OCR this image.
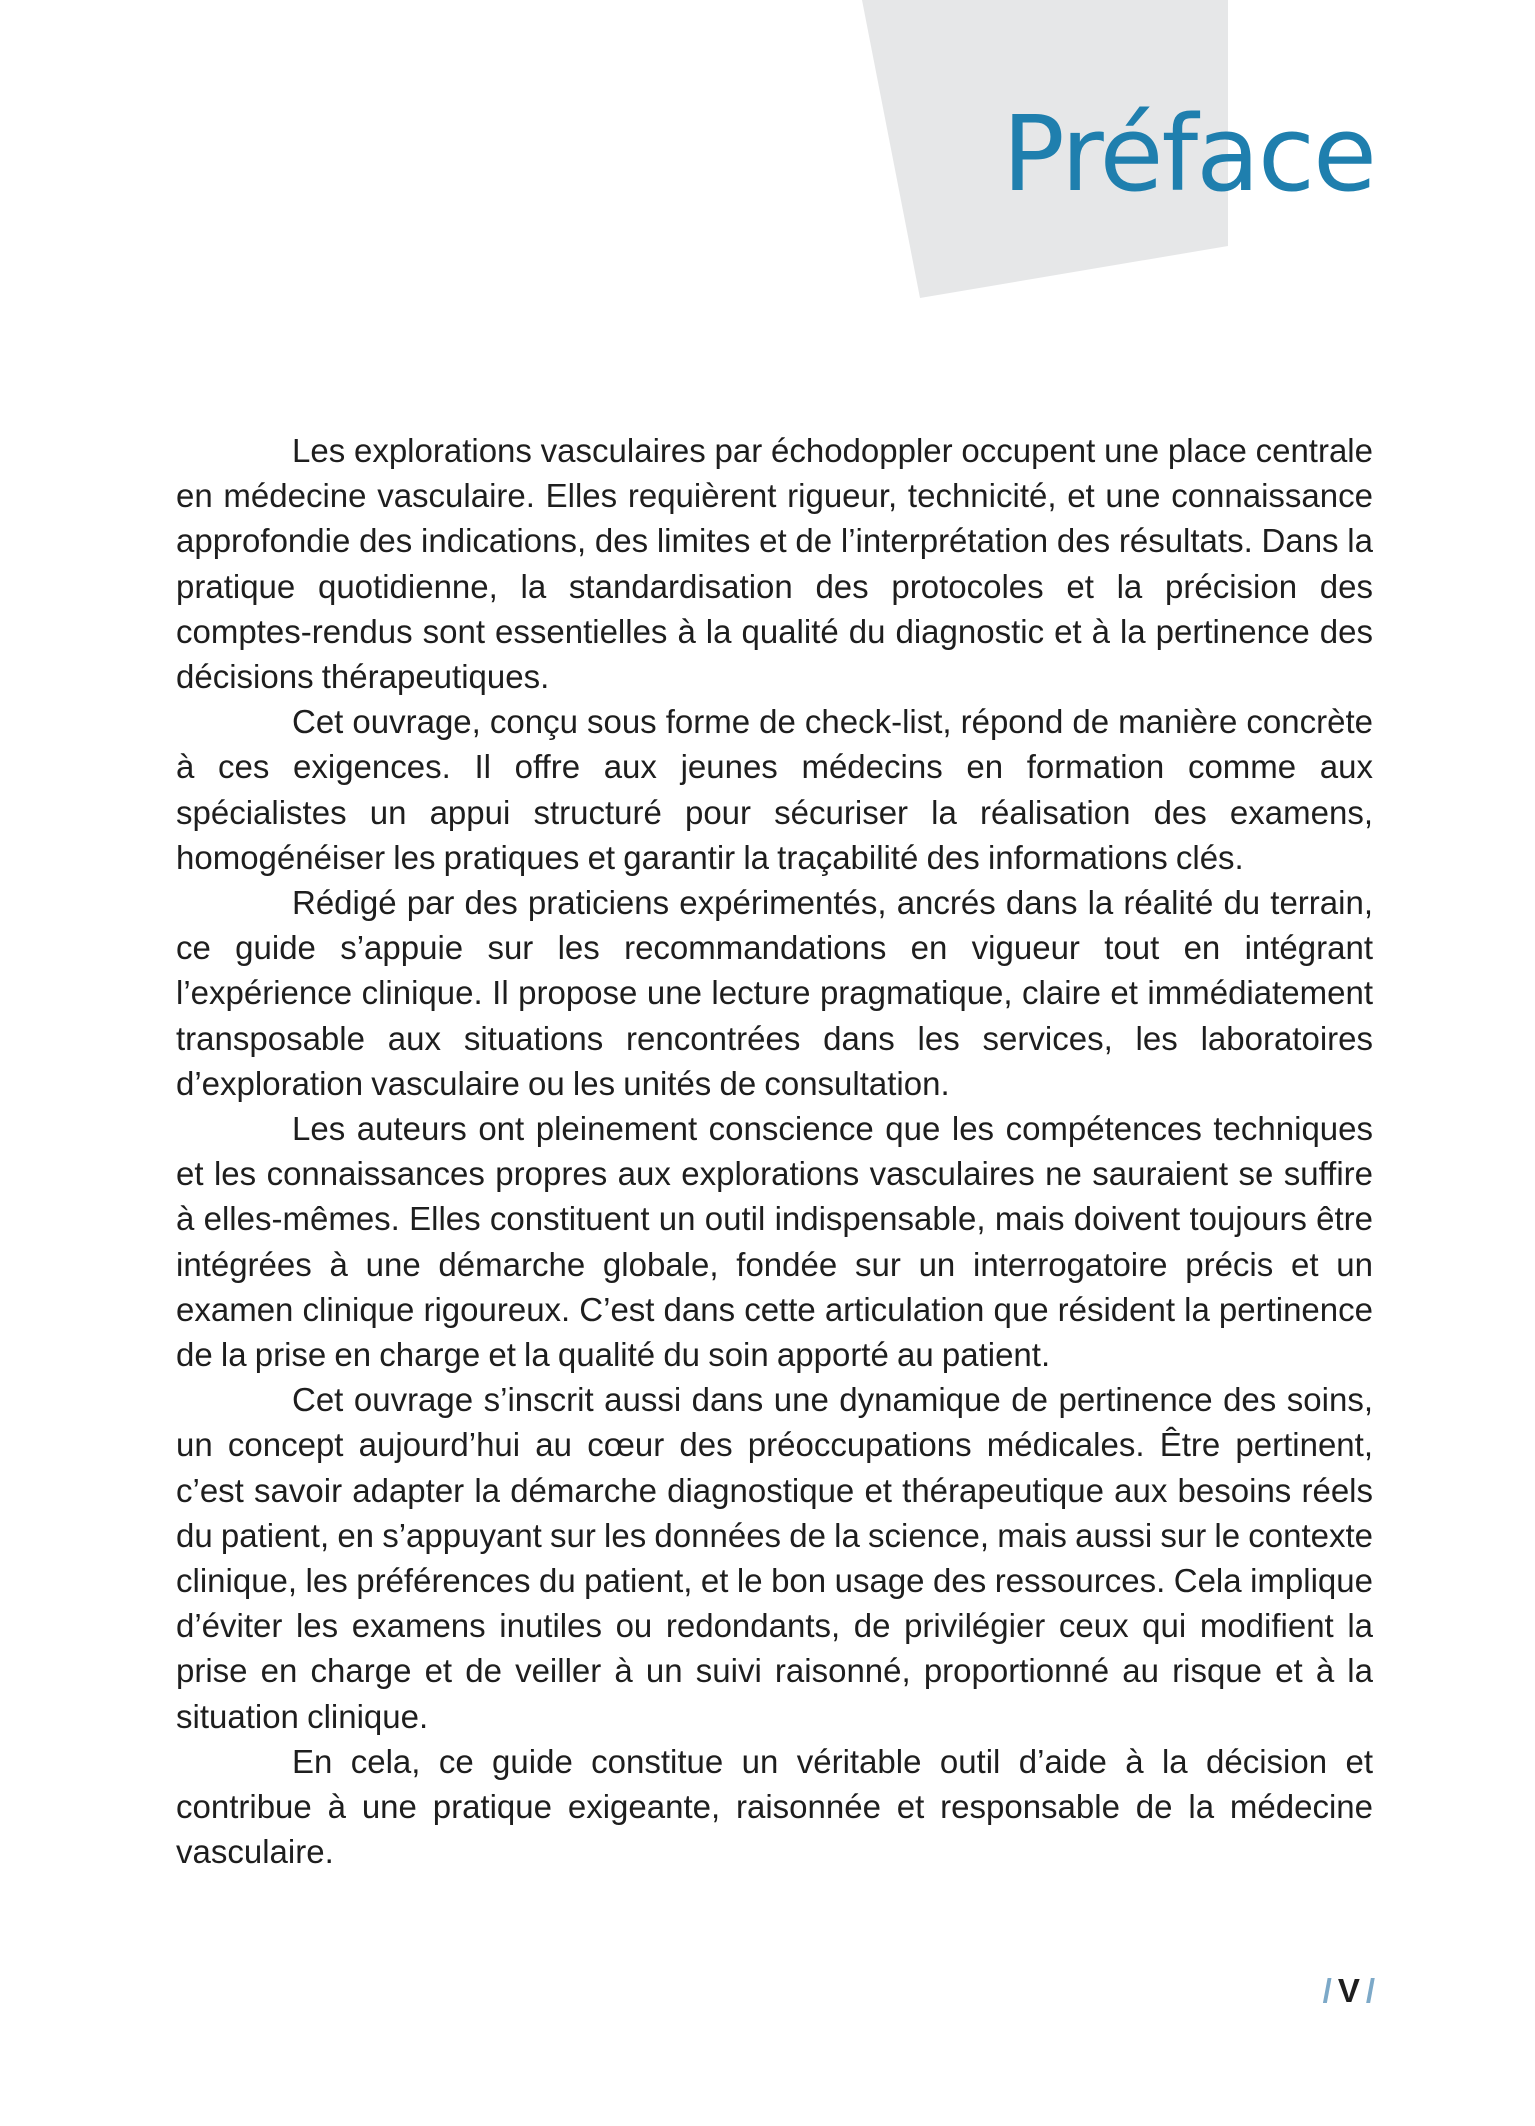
Préface

Les explorations vasculaires par échodoppler occupent une place centrale en médecine vasculaire. Elles requièrent rigueur, technicité, et une connaissance approfondie des indications, des limites et de l’interprétation des résultats. Dans la pratique quotidienne, la standardisation des protocoles et la précision des comptes-rendus sont essentielles à la qualité du diagnostic et à la pertinence des décisions thérapeutiques.

Cet ouvrage, conçu sous forme de check-list, répond de manière concrète à ces exigences. Il offre aux jeunes médecins en formation comme aux spécialistes un appui structuré pour sécuriser la réalisation des examens, homogénéiser les pratiques et garantir la traçabilité des informations clés.

Rédigé par des praticiens expérimentés, ancrés dans la réalité du terrain, ce guide s’appuie sur les recommandations en vigueur tout en intégrant l’expérience clinique. Il propose une lecture pragmatique, claire et immédiatement transposable aux situations rencontrées dans les services, les laboratoires d’exploration vasculaire ou les unités de consultation.

Les auteurs ont pleinement conscience que les compétences techniques et les connaissances propres aux explorations vasculaires ne sauraient se suffire à elles-mêmes. Elles constituent un outil indispensable, mais doivent toujours être intégrées à une démarche globale, fondée sur un interrogatoire précis et un examen clinique rigoureux. C’est dans cette articulation que résident la pertinence de la prise en charge et la qualité du soin apporté au patient.

Cet ouvrage s’inscrit aussi dans une dynamique de pertinence des soins, un concept aujourd’hui au cœur des préoccupations médicales. Être pertinent, c’est savoir adapter la démarche diagnostique et thérapeutique aux besoins réels du patient, en s’appuyant sur les données de la science, mais aussi sur le contexte clinique, les préférences du patient, et le bon usage des ressources. Cela implique d’éviter les examens inutiles ou redondants, de privilégier ceux qui modifient la prise en charge et de veiller à un suivi raisonné, proportionné au risque et à la situation clinique.

En cela, ce guide constitue un véritable outil d’aide à la décision et contribue à une pratique exigeante, raisonnée et responsable de la médecine vasculaire.

/ V /
